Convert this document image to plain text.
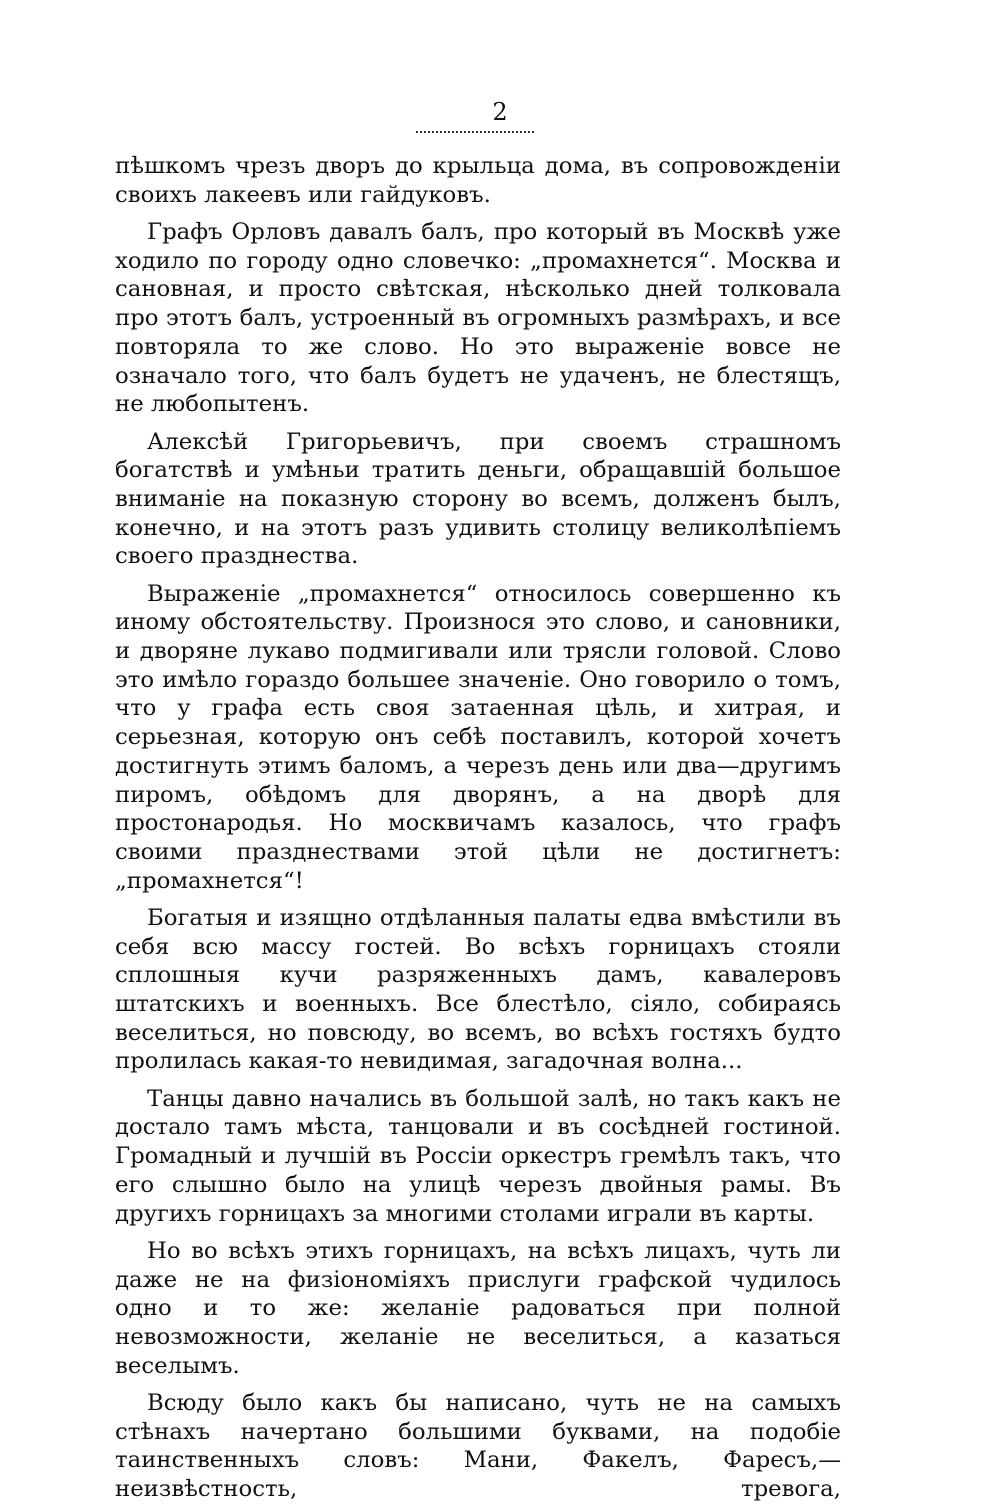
2

пѣшкомъ чрезъ дворъ до крыльца дома, въ сопровожденіи своихъ лакеевъ или гайдуковъ.

Графъ Орловъ давалъ балъ, про который въ Москвѣ уже ходило по городу одно словечко: „промахнется“. Москва и сановная, и просто свѣтская, нѣсколько дней толковала про этотъ балъ, устроенный въ огромныхъ размѣрахъ, и все повторяла то же слово. Но это выраженіе вовсе не означало того, что балъ будетъ не удаченъ, не блестящъ, не любопытенъ.

Алексѣй Григорьевичъ, при своемъ страшномъ богатствѣ и умѣньи тратить деньги, обращавшій большое вниманіе на показную сторону во всемъ, долженъ былъ, конечно, и на этотъ разъ удивить столицу великолѣпіемъ своего празднества.

Выраженіе „промахнется“ относилось совершенно къ иному обстоятельству. Произнося это слово, и сановники, и дворяне лукаво подмигивали или трясли головой. Слово это имѣло гораздо большее значеніе. Оно говорило о томъ, что у графа есть своя затаенная цѣль, и хитрая, и серьезная, которую онъ себѣ поставилъ, которой хочетъ достигнуть этимъ баломъ, а черезъ день или два—другимъ пиромъ, обѣдомъ для дворянъ, а на дворѣ для простонародья. Но москвичамъ казалось, что графъ своими празднествами этой цѣли не достигнетъ: „промахнется“!

Богатыя и изящно отдѣланныя палаты едва вмѣстили въ себя всю массу гостей. Во всѣхъ горницахъ стояли сплошныя кучи разряженныхъ дамъ, кавалеровъ штатскихъ и военныхъ. Все блестѣло, сіяло, собираясь веселиться, но повсюду, во всемъ, во всѣхъ гостяхъ будто пролилась какая-то невидимая, загадочная волна...

Танцы давно начались въ большой залѣ, но такъ какъ не достало тамъ мѣста, танцовали и въ сосѣдней гостиной. Громадный и лучшій въ Россіи оркестръ гремѣлъ такъ, что его слышно было на улицѣ черезъ двойныя рамы. Въ другихъ горницахъ за многими столами играли въ карты.

Но во всѣхъ этихъ горницахъ, на всѣхъ лицахъ, чуть ли даже не на физіономіяхъ прислуги графской чудилось одно и то же: желаніе радоваться при полной невозможности, желаніе не веселиться, а казаться веселымъ.

Всюду было какъ бы написано, чуть не на самыхъ стѣнахъ начертано большими буквами, на подобіе таинственныхъ словъ: Мани, Факелъ, Фаресъ,—неизвѣстность, тревога,
